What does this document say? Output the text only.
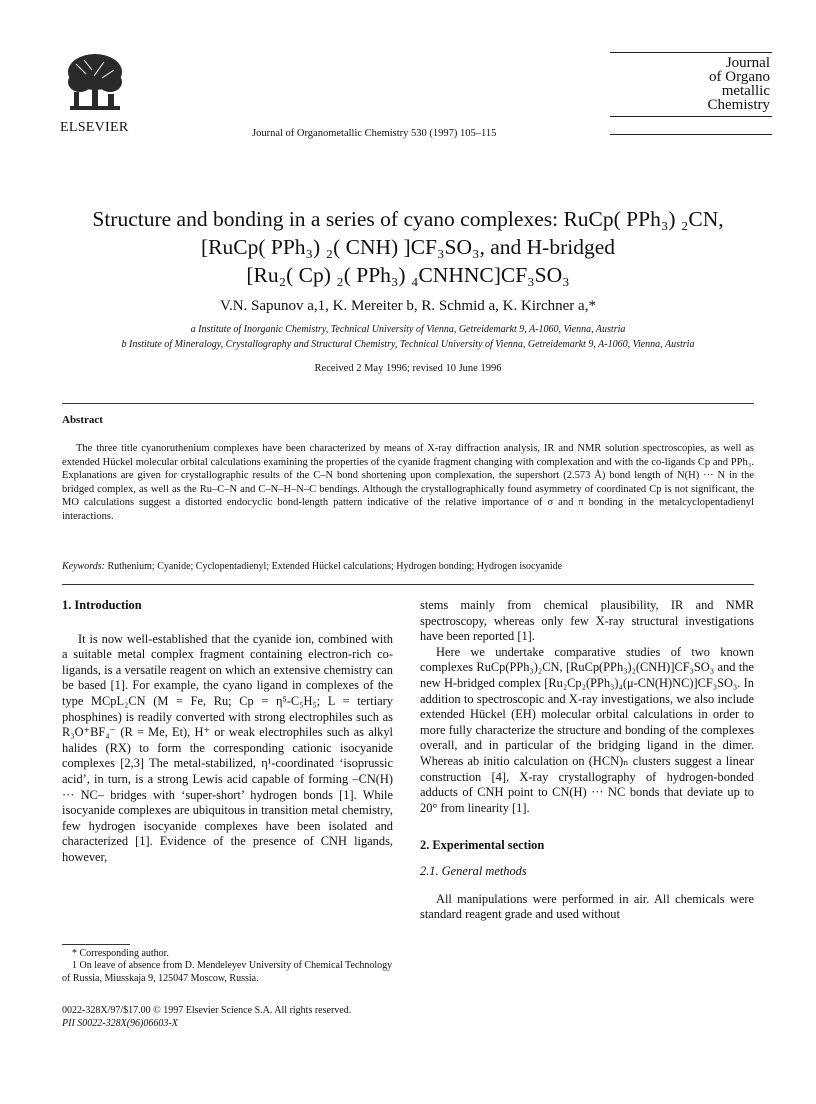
ELSEVIER	Journal of Organometallic Chemistry 530 (1997) 105–115
Journal
of Organo
metallic
Chemistry
Structure and bonding in a series of cyano complexes: RuCp( PPh₃) ₂CN,
[RuCp( PPh₃) ₂( CNH) ]CF₃SO₃, and H-bridged
[Ru₂( Cp) ₂( PPh₃) ₄CNHNC]CF₃SO₃
V.N. Sapunov a,1, K. Mereiter b, R. Schmid a, K. Kirchner a,*
a Institute of Inorganic Chemistry, Technical University of Vienna, Getreidemarkt 9, A-1060, Vienna, Austria
b Institute of Mineralogy, Crystallography and Structural Chemistry, Technical University of Vienna, Getreidemarkt 9, A-1060, Vienna, Austria
Received 2 May 1996; revised 10 June 1996
Abstract

The three title cyanoruthenium complexes have been characterized by means of X-ray diffraction analysis, IR and NMR solution spectroscopies, as well as extended Hückel molecular orbital calculations examining the properties of the cyanide fragment changing with complexation and with the co-ligands Cp and PPh₃. Explanations are given for crystallographic results of the C–N bond shortening upon complexation, the supershort (2.573 Å) bond length of N(H) ··· N in the bridged complex, as well as the Ru–C–N and C–N–H–N–C bendings. Although the crystallographically found asymmetry of coordinated Cp is not significant, the MO calculations suggest a distorted endocyclic bond-length pattern indicative of the relative importance of σ and π bonding in the metalcyclopentadienyl interactions.

Keywords: Ruthenium; Cyanide; Cyclopentadienyl; Extended Hückel calculations; Hydrogen bonding; Hydrogen isocyanide

1. Introduction

It is now well-established that the cyanide ion, combined with a suitable metal complex fragment containing electron-rich co-ligands, is a versatile reagent on which an extensive chemistry can be based [1]. For example, the cyano ligand in complexes of the type MCpL₂CN (M = Fe, Ru; Cp = η⁵-C₅H₅; L = tertiary phosphines) is readily converted with strong electrophiles such as R₃O⁺BF₄⁻ (R = Me, Et), H⁺ or weak electrophiles such as alkyl halides (RX) to form the corresponding cationic isocyanide complexes [2,3] The metal-stabilized, η¹-coordinated ‘isoprussic acid’, in turn, is a strong Lewis acid capable of forming –CN(H) ··· NC– bridges with ‘super-short’ hydrogen bonds [1]. While isocyanide complexes are ubiquitous in transition metal chemistry, few hydrogen isocyanide complexes have been isolated and characterized [1]. Evidence of the presence of CNH ligands, however,

* Corresponding author.

1 On leave of absence from D. Mendeleyev University of Chemical Technology of Russia, Miusskaja 9, 125047 Moscow, Russia.

0022-328X/97/$17.00 © 1997 Elsevier Science S.A. All rights reserved.
PII S0022-328X(96)06603-X

stems mainly from chemical plausibility, IR and NMR spectroscopy, whereas only few X-ray structural investigations have been reported [1].

Here we undertake comparative studies of two known complexes RuCp(PPh₃)₂CN, [RuCp(PPh₃)₂(CNH)]CF₃SO₃ and the new H-bridged complex [Ru₂Cp₂(PPh₃)₄(μ-CN(H)NC)]CF₃SO₃. In addition to spectroscopic and X-ray investigations, we also include extended Hückel (EH) molecular orbital calculations in order to more fully characterize the structure and bonding of the complexes overall, and in particular of the bridging ligand in the dimer. Whereas ab initio calculation on (HCN)ₙ clusters suggest a linear construction [4], X-ray crystallography of hydrogen-bonded adducts of CNH point to CN(H) ··· NC bonds that deviate up to 20° from linearity [1].

2. Experimental section

2.1. General methods

All manipulations were performed in air. All chemicals were standard reagent grade and used without
